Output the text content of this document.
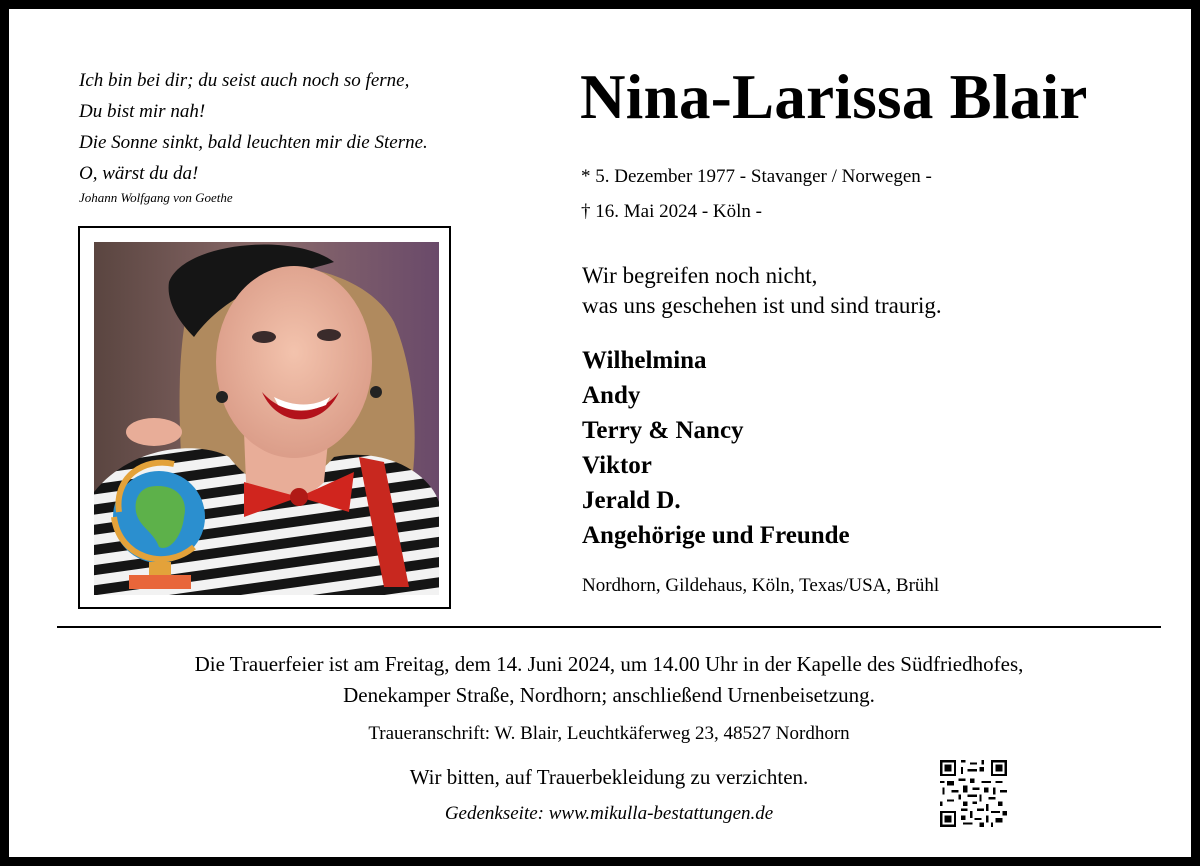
Ich bin bei dir; du seist auch noch so ferne,
Du bist mir nah!
Die Sonne sinkt, bald leuchten mir die Sterne.
O, wärst du da!
Johann Wolfgang von Goethe
Nina-Larissa Blair
* 5. Dezember 1977 - Stavanger / Norwegen -
† 16. Mai 2024 - Köln -
Wir begreifen noch nicht,
was uns geschehen ist und sind traurig.
Wilhelmina
Andy
Terry & Nancy
Viktor
Jerald D.
Angehörige und Freunde
Nordhorn, Gildehaus, Köln, Texas/USA, Brühl
Die Trauerfeier ist am Freitag, dem 14. Juni 2024, um 14.00 Uhr in der Kapelle des Südfriedhofes,
Denekamper Straße, Nordhorn; anschließend Urnenbeisetzung.
Traueranschrift: W. Blair, Leuchtkäferweg 23, 48527 Nordhorn
Wir bitten, auf Trauerbekleidung zu verzichten.
Gedenkseite: www.mikulla-bestattungen.de
